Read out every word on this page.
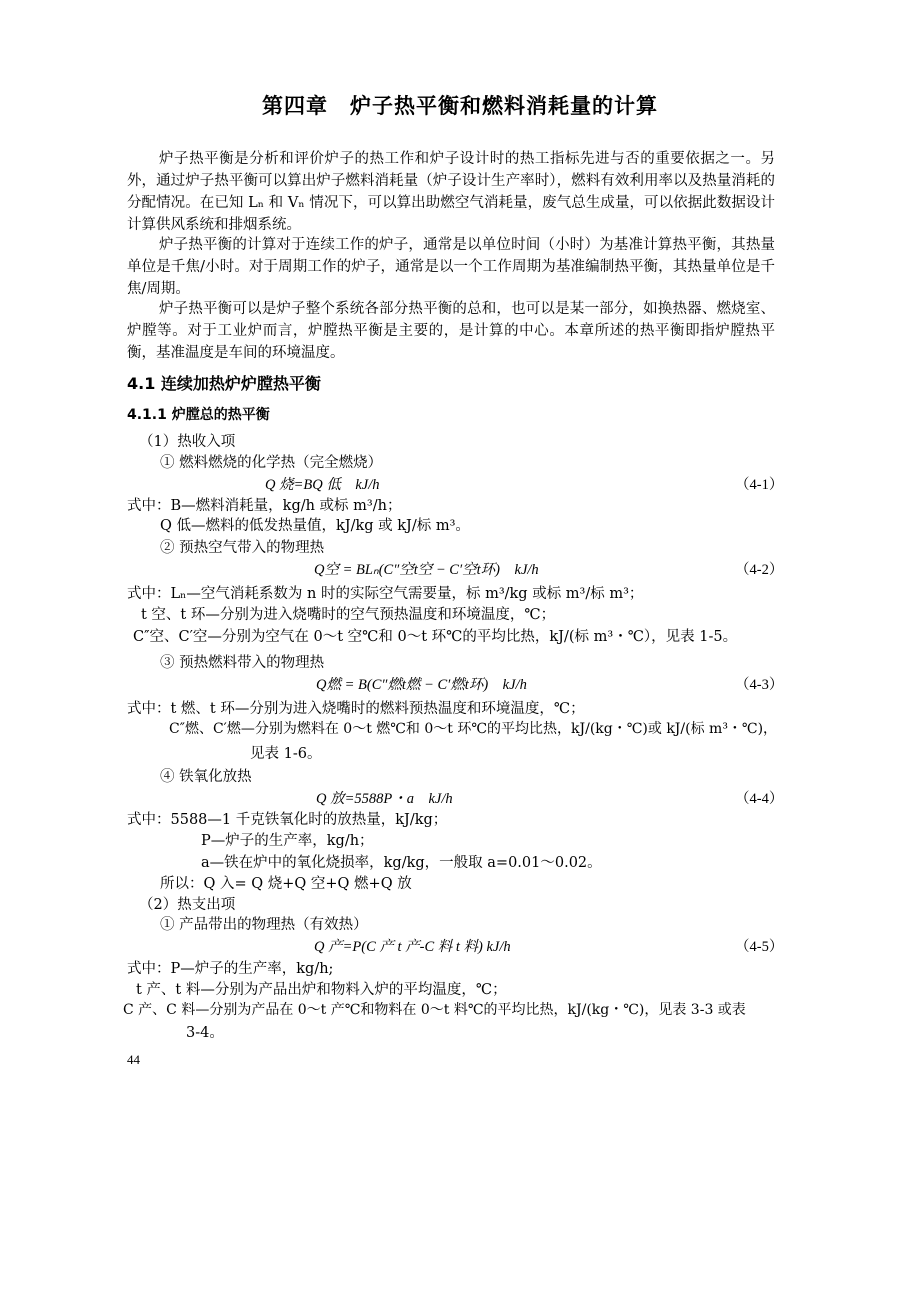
第四章　炉子热平衡和燃料消耗量的计算

炉子热平衡是分析和评价炉子的热工作和炉子设计时的热工指标先进与否的重要依据之一。另外，通过炉子热平衡可以算出炉子燃料消耗量（炉子设计生产率时），燃料有效利用率以及热量消耗的分配情况。在已知 Lₙ 和 Vₙ 情况下，可以算出助燃空气消耗量，废气总生成量，可以依据此数据设计计算供风系统和排烟系统。

炉子热平衡的计算对于连续工作的炉子，通常是以单位时间（小时）为基准计算热平衡，其热量单位是千焦/小时。对于周期工作的炉子，通常是以一个工作周期为基准编制热平衡，其热量单位是千焦/周期。

炉子热平衡可以是炉子整个系统各部分热平衡的总和，也可以是某一部分，如换热器、燃烧室、炉膛等。对于工业炉而言，炉膛热平衡是主要的，是计算的中心。本章所述的热平衡即指炉膛热平衡，基准温度是车间的环境温度。

4.1 连续加热炉炉膛热平衡
4.1.1 炉膛总的热平衡
（1）热收入项
① 燃料燃烧的化学热（完全燃烧）
Q 烧=BQ 低　kJ/h	（4-1）
式中：B—燃料消耗量，kg/h 或标 m³/h；
Q 低—燃料的低发热量值，kJ/kg 或 kJ/标 m³。
② 预热空气带入的物理热
Q空 = BLₙ(C″空t空 − C′空t环)　kJ/h	（4-2）
式中：Lₙ—空气消耗系数为 n 时的实际空气需要量，标 m³/kg 或标 m³/标 m³；
t 空、t 环—分别为进入烧嘴时的空气预热温度和环境温度，℃；
C″空、C′空—分别为空气在 0～t 空℃和 0～t 环℃的平均比热，kJ/(标 m³・℃），见表 1-5。
③ 预热燃料带入的物理热
Q燃 = B(C″燃t燃 − C′燃t环)　kJ/h	（4-3）
式中：t 燃、t 环—分别为进入烧嘴时的燃料预热温度和环境温度，℃；
C″燃、C′燃—分别为燃料在 0～t 燃℃和 0～t 环℃的平均比热，kJ/(kg・℃)或 kJ/(标 m³・℃)，
见表 1-6。
④ 铁氧化放热
Q 放=5588P・a　kJ/h	（4-4）
式中：5588—1 千克铁氧化时的放热量，kJ/kg；
P—炉子的生产率，kg/h；
a—铁在炉中的氧化烧损率，kg/kg，一般取 a=0.01～0.02。
所以：Q 入= Q 烧+Q 空+Q 燃+Q 放
（2）热支出项
① 产品带出的物理热（有效热）
Q 产=P(C 产 t 产-C 料 t 料) kJ/h	（4-5）
式中：P—炉子的生产率，kg/h;
t 产、t 料—分别为产品出炉和物料入炉的平均温度，℃；
C 产、C 料—分别为产品在 0～t 产℃和物料在 0～t 料℃的平均比热，kJ/(kg・℃)，见表 3-3 或表
3-4。
44
